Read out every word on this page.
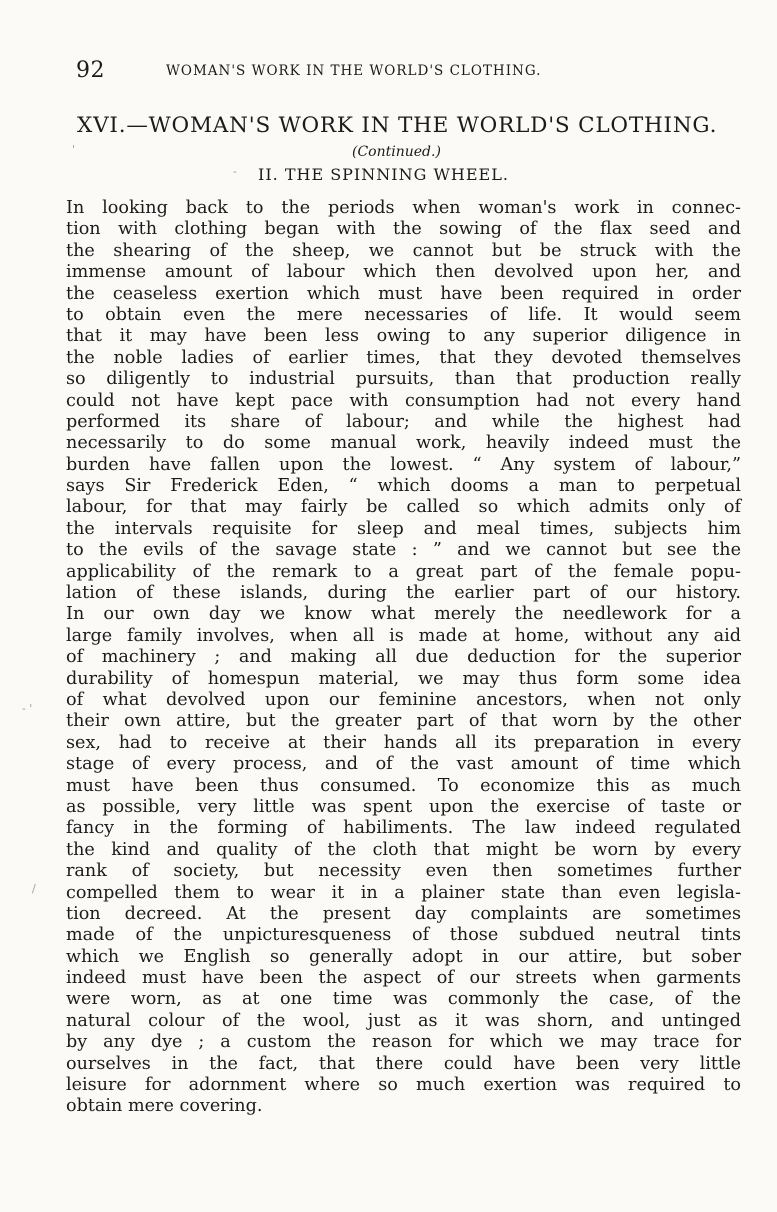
92	WOMAN'S WORK IN THE WORLD'S CLOTHING.
XVI.—WOMAN'S WORK IN THE WORLD'S CLOTHING.
(Continued.)
II. THE SPINNING WHEEL.
'
-
- '
/
In looking back to the periods when woman's work in connec-
tion with clothing began with the sowing of the flax seed and
the shearing of the sheep, we cannot but be struck with the
immense amount of labour which then devolved upon her, and
the ceaseless exertion which must have been required in order
to obtain even the mere necessaries of life. It would seem
that it may have been less owing to any superior diligence in
the noble ladies of earlier times, that they devoted themselves
so diligently to industrial pursuits, than that production really
could not have kept pace with consumption had not every hand
performed its share of labour; and while the highest had
necessarily to do some manual work, heavily indeed must the
burden have fallen upon the lowest. “ Any system of labour,”
says Sir Frederick Eden, “ which dooms a man to perpetual
labour, for that may fairly be called so which admits only of
the intervals requisite for sleep and meal times, subjects him
to the evils of the savage state : ” and we cannot but see the
applicability of the remark to a great part of the female popu-
lation of these islands, during the earlier part of our history.
In our own day we know what merely the needlework for a
large family involves, when all is made at home, without any aid
of machinery ; and making all due deduction for the superior
durability of homespun material, we may thus form some idea
of what devolved upon our feminine ancestors, when not only
their own attire, but the greater part of that worn by the other
sex, had to receive at their hands all its preparation in every
stage of every process, and of the vast amount of time which
must have been thus consumed. To economize this as much
as possible, very little was spent upon the exercise of taste or
fancy in the forming of habiliments. The law indeed regulated
the kind and quality of the cloth that might be worn by every
rank of society, but necessity even then sometimes further
compelled them to wear it in a plainer state than even legisla-
tion decreed. At the present day complaints are sometimes
made of the unpicturesqueness of those subdued neutral tints
which we English so generally adopt in our attire, but sober
indeed must have been the aspect of our streets when garments
were worn, as at one time was commonly the case, of the
natural colour of the wool, just as it was shorn, and untinged
by any dye ; a custom the reason for which we may trace for
ourselves in the fact, that there could have been very little
leisure for adornment where so much exertion was required to
obtain mere covering.
